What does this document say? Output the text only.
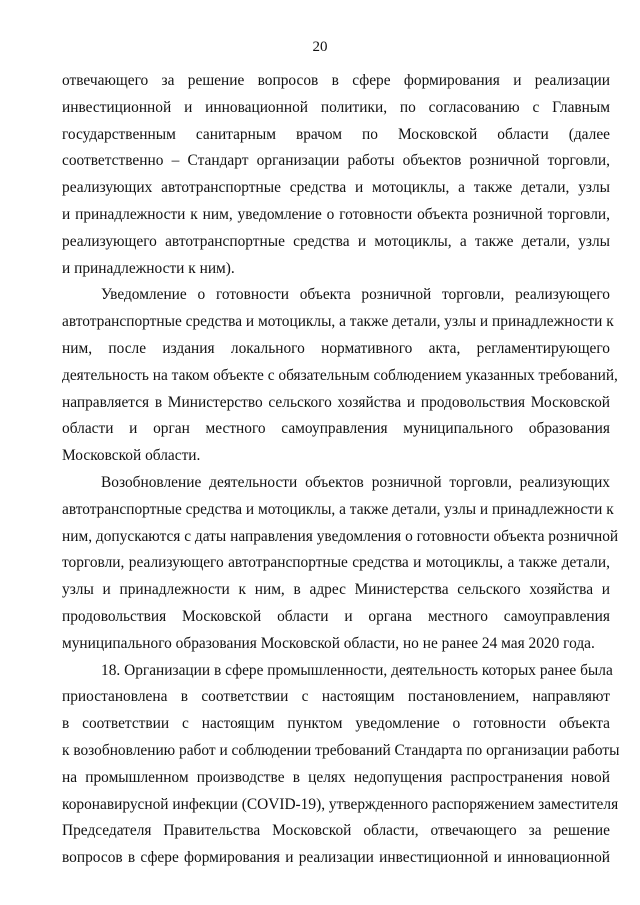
20
отвечающего за решение вопросов в сфере формирования и реализации
инвестиционной и инновационной политики, по согласованию с Главным
государственным санитарным врачом по Московской области (далее
соответственно – Стандарт организации работы объектов розничной торговли,
реализующих автотранспортные средства и мотоциклы, а также детали, узлы
и принадлежности к ним, уведомление о готовности объекта розничной торговли,
реализующего автотранспортные средства и мотоциклы, а также детали, узлы
и принадлежности к ним).
Уведомление о готовности объекта розничной торговли, реализующего
автотранспортные средства и мотоциклы, а также детали, узлы и принадлежности к
ним, после издания локального нормативного акта, регламентирующего
деятельность на таком объекте с обязательным соблюдением указанных требований,
направляется в Министерство сельского хозяйства и продовольствия Московской
области и орган местного самоуправления муниципального образования
Московской области.
Возобновление деятельности объектов розничной торговли, реализующих
автотранспортные средства и мотоциклы, а также детали, узлы и принадлежности к
ним, допускаются с даты направления уведомления о готовности объекта розничной
торговли, реализующего автотранспортные средства и мотоциклы, а также детали,
узлы и принадлежности к ним, в адрес Министерства сельского хозяйства и
продовольствия Московской области и органа местного самоуправления
муниципального образования Московской области, но не ранее 24 мая 2020 года.
18. Организации в сфере промышленности, деятельность которых ранее была
приостановлена в соответствии с настоящим постановлением, направляют
в соответствии с настоящим пунктом уведомление о готовности объекта
к возобновлению работ и соблюдении требований Стандарта по организации работы
на промышленном производстве в целях недопущения распространения новой
коронавирусной инфекции (COVID-19), утвержденного распоряжением заместителя
Председателя Правительства Московской области, отвечающего за решение
вопросов в сфере формирования и реализации инвестиционной и инновационной
